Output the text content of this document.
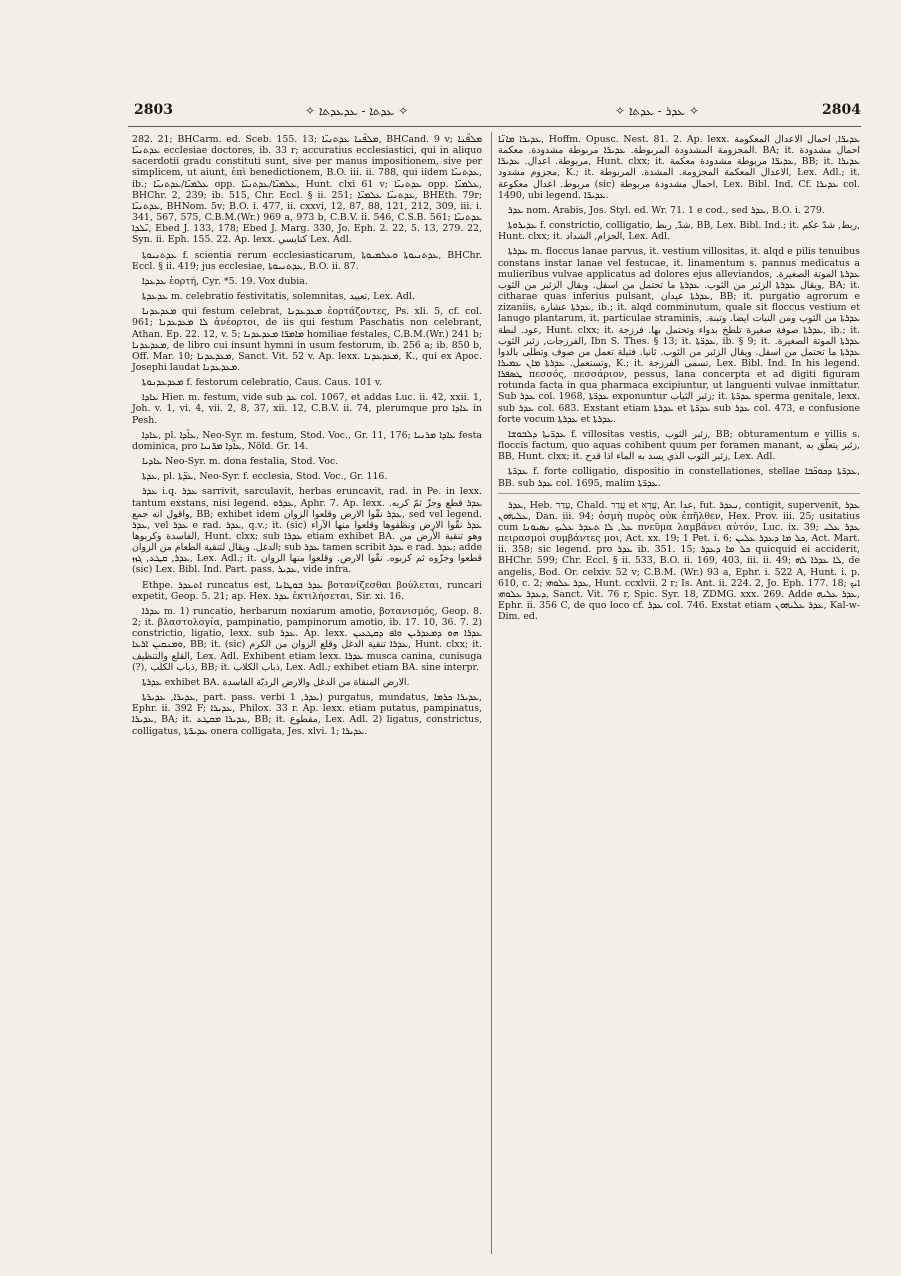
2803	✧ ܥܕܬܐ - ܥܕܥܕܬܐ ✧	✧ ܥܕܪ - ܥܕܬܐ ✧	2804

282. 21; BHCarm. ed. Sceb. 155. 13; ܡܠܦ̈ܢܐ ܥܕܬܢܝ̈ܐ, BHCand. 9 v; ܡܠܦ̈ܢܐ ܥܕܬܢܝ̈ܐ ecclesiae doctores, ib. 33 r; accuratius ecclesiastici, qui in aliquo sacerdotii gradu constituti sunt, sive per manus impositionem, sive per simplicem, ut aiunt, ἐπὶ benedictionem, B.O. iii. ii. 788, qui iidem ܥܕܬܢܝ̈ܐ, ib.; ܥܠܡܝ̈ܐ/ܥܕܬܢܝ̈ܐ opp. ܥܠܡܝ̈ܐ/ܥܕܬܢܝ̈ܐ, Hunt. clxi 61 v; ܥܕܬܢܝ̈ܐ opp. ܥܠܡܝ̈ܐ, BHChr. 2, 239; ib. 515, Chr. Eccl. § ii. 251; ܥܕܬܢܝ̈ܐ ܥܠܡܝ̈ܐ, BHEth. 79r; ܥܕܬܢܝ̈ܐ, BHNom. 5v; B.O. i. 477, ii. cxxvi, 12, 87, 88, 121, 212, 309, iii. i. 341, 567, 575, C.B.M.(Wr.) 969 a, 973 b, C.B.V. ii. 546, C.S.B. 561; ܥܕܬܢܝ̈ܐ ܝ̈ܠܕܐ, Ebed J. 133, 178; Ebed J. Marg. 330, Jo. Eph. 2. 22, 5. 13, 279. 22, Syn. ii. Eph. 155. 22. Ap. lexx. كنايسي Lex. Adl.

ܥܕܬܢܝܘܬܐ f. scientia rerum ecclesiasticarum, ܥܕܬܢܝܘܬܐ ܘܥܠܡܝܘܬܐ, BHChr. Eccl. § ii. 419; jus ecclesiae, ܥܕܬܢܝܘܬܐ, B.O. ii. 87.

ܥܕܥܕܐ ἑορτή, Cyr. *5. 19. Vox dubia.

ܥܕܥܕܬܐ m. celebratio festivitatis, solemnitas, تعييد, Lex. Adl.

ܡܥܕܥܕܢܐ qui festum celebrat, ܡܥܕܥܕܢܐ ἑορτάζοντες, Ps. xli. 5, cf. col. 961; ܠܐ ܡܥܕܥܕܢܐ ἀνέορτοι, de iis qui festum Paschatis non celebrant, Athan. Ep. 22. 12, v. 5; ܡܐܡܪ̈ܐ ܡܥܕܥܕܢܐ homiliae festales, C.B.M.(Wr.) 241 b; ܡܥܕܥܕܢܐ, de libro cui insunt hymni in usum festorum, ib. 256 a; ib. 850 b, Off. Mar. 10; ܡܥܕܥܕܢܐ, Sanct. Vit. 52 v. Ap. lexx. ܡܥܕܥܕܢܐ, K., qui ex Apoc. Josephi laudat ܡܥܕܥܕܢܐ.

ܡܥܕܥܕܢܘܬܐ f. festorum celebratio, Caus. Caus. 101 v.

ܥܐܕܐ Hier. m. festum, vide sub ܥܕ col. 1067, et addas Luc. ii. 42, xxii. 1, Joh. v. 1, vi. 4, vii. 2, 8, 37, xii. 12, C.B.V. ii. 74, plerumque pro ܥܐܕܐ in Pesh.

ܥܐܕܐ, pl. ܥܐ̈ܕܐ, Neo-Syr. m. festum, Stod. Voc., Gr. 11, 176; ܥܐܕܐ ܡܪܢܝܐ festa dominica, pro ܥܐ̈ܕܐ ܡܪ̈ܢܝܐ, Nöld. Gr. 14.

ܥܐܕܝܐ Neo-Syr. m. dona festalia, Stod. Voc.

ܥܕܬܐ, pl. ܥܕ̈ܬܐ, Neo-Syr. f. ecclesia, Stod. Voc., Gr. 116.

ܥܕܪ i.q. ܥܕܪ sarrivit, sarculavit, herbas eruncavit, rad. in Pe. in lexx. tantum exstans, nisi legend. ܥܕܪܘ, Aphr. 7. Ap. lexx. ܥܕܪ قطع وجزّ ثمّ كربه. واقول انه جمع, BB; exhibet idem ܥܕܪ نقّوا الارض وقلعوا الزوان, sed vel legend. ܥܕܪ, vel ܥܕܪ e rad. ܥܕܪ, q.v.; it. (sic) ܥܕܪ نقّوا الارض ونظفوها وقلعوا منها الآراء الفاسدة وكربوها, Hunt. clxx; sub ܥܕܪܐ etiam exhibet BA. وهو تنقية الأرض من الدغل. ويقال لتنقية الطعام من الزوان; sub ܥܕܪ tamen scribit ܥܕܪ e rad. ܥܕܪ; adde ܥܕܪ, ܩܛܥ, ܓܙܙ, Lex. Adl.; it. قطعوا وجزّوه ثم كربوه. نقّوا الارض. وقلعوا منها الزوان (sic) Lex. Bibl. Ind. Part. pass. ܥܕܝܪ, vide infra.

Ethpe. ܐܬܥܕܪ runcatus est, ܥܕܪ ܒܘܛܐܢܐ βοτανίζεσθαι βούλεται, runcari expetit, Geop. 5. 21; ap. Hex. ܥܕܪ ἐκτιλήσεται, Sir. xi. 16.

ܥܕܪܐ m. 1) runcatio, herbarum noxiarum amotio, βοτανισμός, Geop. 8. 2; it. βλαστολογία, pampinatio, pampinorum amotio, ib. 17. 10, 36. 7. 2) constrictio, ligatio, lexx. sub ܥܕܪ. Ap. lexx. ܥܕܪܐ ܗܘ ܕܡܥܕܪܝܢ ܘܐܦ ܕܩܛܥܝܢ ܘܡܢܩܝܢ ܐܪܥܐ, BB; it. (sic) ܥܕܪܐ تنقية الدغل وقلع الزوان من الكرم, Hunt. clxx; it. القلع والتنظيف, Lex. Adl. Exhibent etiam lexx. ܥܕܪܐ musca canina, cunisuga (?), ذباب الكلب, BB; it. ذباب الكلاب, Lex. Adl.; exhibet etiam BA. sine interpr.

ܥܕܪܬܐ exhibet BA. الارض المنقاة من الدغل والارض الرديّة الفاسدة.

ܥܕܝܪܐ, ܥܕܝܪܬܐ, part. pass. verbi ܥܕܪ, 1) purgatus, mundatus, ܥܕܝܪܐ ܟܪܡܐ, Ephr. ii. 392 F; ܥܕܝܪܐ, Philox. 33 r. Ap. lexx. etiam putatus, pampinatus, ܥܕܝܪܐ, BA; it. ܥܕܝܪܐ ܡܩܛܥ, BB; it. مقطوع, Lex. Adl. 2) ligatus, constrictus, colligatus, ܥܕܝܪ̈ܬܐ onera colligata, Jes. xlvi. 1; ܥܕܝܪܐ.

ܥܕܝܪܐ ܡܐܢ̈ܐ, Hoffm. Opusc. Nest. 81. 2. Ap. lexx. ܥܕܝܪ̈ܐ, احمال الاعدال المعكومة المجزومة المشدودة المربوطة. ܥܕܝܪܐ مربوطة مشدودة. معكمة. BA; it. احمال مشدودة مربوطة. اعدال. ܥܕܝܪ̈ܐ, Hunt. clxx; it. ܥܕܝܪ̈ܐ مربوطة مشدودة معكمة, BB; it. ܥܕܝܪܐ مجزوم مشدود, K.; it. الاعدال المعكمة المجزومة. المشدة. المربوطة, Lex. Adl.; it. مربوط. اعدال معكوعة (sic) احمال مشدودة مربوطة, Lex. Bibl. Ind. Cf. ܥܕܝܪܐ col. 1490, ubi legend. ܥܕܝܪ̈ܐ.

ܥܕܪ nom. Arabis, Jos. Styl. ed. Wr. 71. 1 e cod., sed ܥܕܪ, B.O. i. 279.

ܥܕܝܪܘܬܐ f. constrictio, colligatio, شدّ, ربط, BB, Lex. Bibl. Ind.; it. ربط, شدّ عكم, Hunt. clxx; it. الحزام, الشداد, Lex. Adl.

ܥܕܪܬܐ m. floccus lanae parvus, it. vestium villositas, it. alqd e pilis tenuibus constans instar lanae vel festucae, it. linamentum s. pannus medicatus a mulieribus vulvae applicatus ad dolores ejus alleviandos, ܥܕܪܬܐ الموتة الصغيرة. ويقال ܥܕܪܬܐ الزئبر من الثوب. ܥܕܪܬܐ ما تحتمل من اسفل. ويقال الزئبر من الثوب, BA; it. citharae quas inferius pulsant, ܥܕܪܬܐ عيدان, BB; it. purgatio agrorum e zizaniis, ܥܕܪܬܐ عشارة, ib.; it. alqd comminutum, quale sit floccus vestium et lanugo plantarum, it. particulae straminis, ܥܕܪܬܐ من الثوب ومن النبات ايضا. وتبنة. عود. لبطة, Hunt. clxx; it. ܥܕܪܬܐ صوفة صغيرة تلطخ بدواء وتحتمل بها. فرزجة, ib.; it. الفرزجات, زئبر الثوب, Ibn S. Thes. § 13; it. ܥܕܪ̈ܬܐ, ib. § 9; it. ܥܕܪܬܐ الموتة الصغيرة. ܥܕܪܬܐ ما تحتمل من اسفل. ويقال الزئبر من الثوب. ثانيا. فتيلة تعمل من صوف وتطلى بالدوا وتستعمل. ܥܕܪܬܐ ܡܐܢ ܥܡܝܪܐ, K.; it. تسمى الفرزجة, Lex. Bibl. Ind. In his legend. ܛܣܦܪܐ πεσσός, πεσσάριον, pessus, lana concerpta et ad digiti figuram rotunda facta in qua pharmaca excipiuntur, ut languenti vulvae inmittatur. Sub ܥܕܪ col. 1968, ܥܕܪ̈ܬܐ exponuntur زئبر الثياب; it. ܥܕܪ̈ܬܐ sperma genitale, lexx. sub ܥܕܪ col. 683. Exstant etiam ܥܕܪܬܐ et ܥܕܪ̈ܬܐ sub ܥܕܪ col. 473, e confusione forte vocum ܥܕܪܬܐ et ܥܕܪܬܐ.

ܥܕܪ̈ܝܬܐ ܕܠܒܘܫܐ f. villositas vestis, زئبر الثوب, BB; obturamentum e villis s. floccis factum, quo aquas cohibent quum per foramen manant, زئبر يتعلّق به, BB, Hunt. clxx; it. زئبر الثوب الذي يسد به الماء اذا قدح, Lex. Adl.

ܥܕܪ̈ܬܐ f. forte colligatio, dispositio in constellationes, stellae ܥܕܪ̈ܬܐ ܕܟܘܟ̈ܒܐ, BB. sub ܥܕܪ col. 1695, malim ܥܕܪ̈ܬܐ.

ܥܕܪ, Heb. עָדַר, Chald. עֲדַר et עֲדָא, Ar. عدا, fut. ܢܥܕܪ, contigit, supervenit, ܥܕܪ ܥܠܝܗܘܢ, Dan. iii. 94; ὀσμὴ πυρὸς οὐκ ἐπῆλθεν, Hex. Prov. iii. 25; usitatius cum ܥܠ, ܠܐ ܬܥܕܪ ܥܠܝܟ ܢܣܝܘܢܐ πνεῦμα λαμβάνει αὐτόν, Luc. ix. 39; ܥܕܪ ܥܠܝ πειρασμοὶ συμβάντες μοι, Act. xx. 19; 1 Pet. i. 6; ܟܠ ܡܐ ܕܥܕܪ ܥܠܝܢ, Act. Mart. ii. 358; sic legend. pro ܥܕܪ ib. 351. 15; ܟܠ ܡܐ ܕܥܕܪ quicquid ei acciderit, BHChr. 599; Chr. Eccl. § ii. 533, B.O. ii. 169, 403, iii. ii. 49; ܠܐ ܥܕܪܐ ܠܗ, de angelis, Bod. Or. celxiv. 52 v; C.B.M. (Wr.) 93 a, Ephr. i. 522 A, Hunt. i. p. 610, c. 2; ܥܕܪ ܥܠܘܗܝ, Hunt. ccxlvii. 2 r; Is. Ant. ii. 224. 2, Jo. Eph. 177. 18; ܐܝܟ ܕܥܕܪ ܥܠܘܗܝ, Sanct. Vit. 76 r, Spic. Syr. 18, ZDMG. xxx. 269. Adde ܥܕܪ ܥܠܝܗ, Ephr. ii. 356 C, de quo loco cf. ܥܕܪ col. 746. Exstat etiam ܥܕܪ ܥܠܝܗܘܢ, Kal-w-Dim. ed.
